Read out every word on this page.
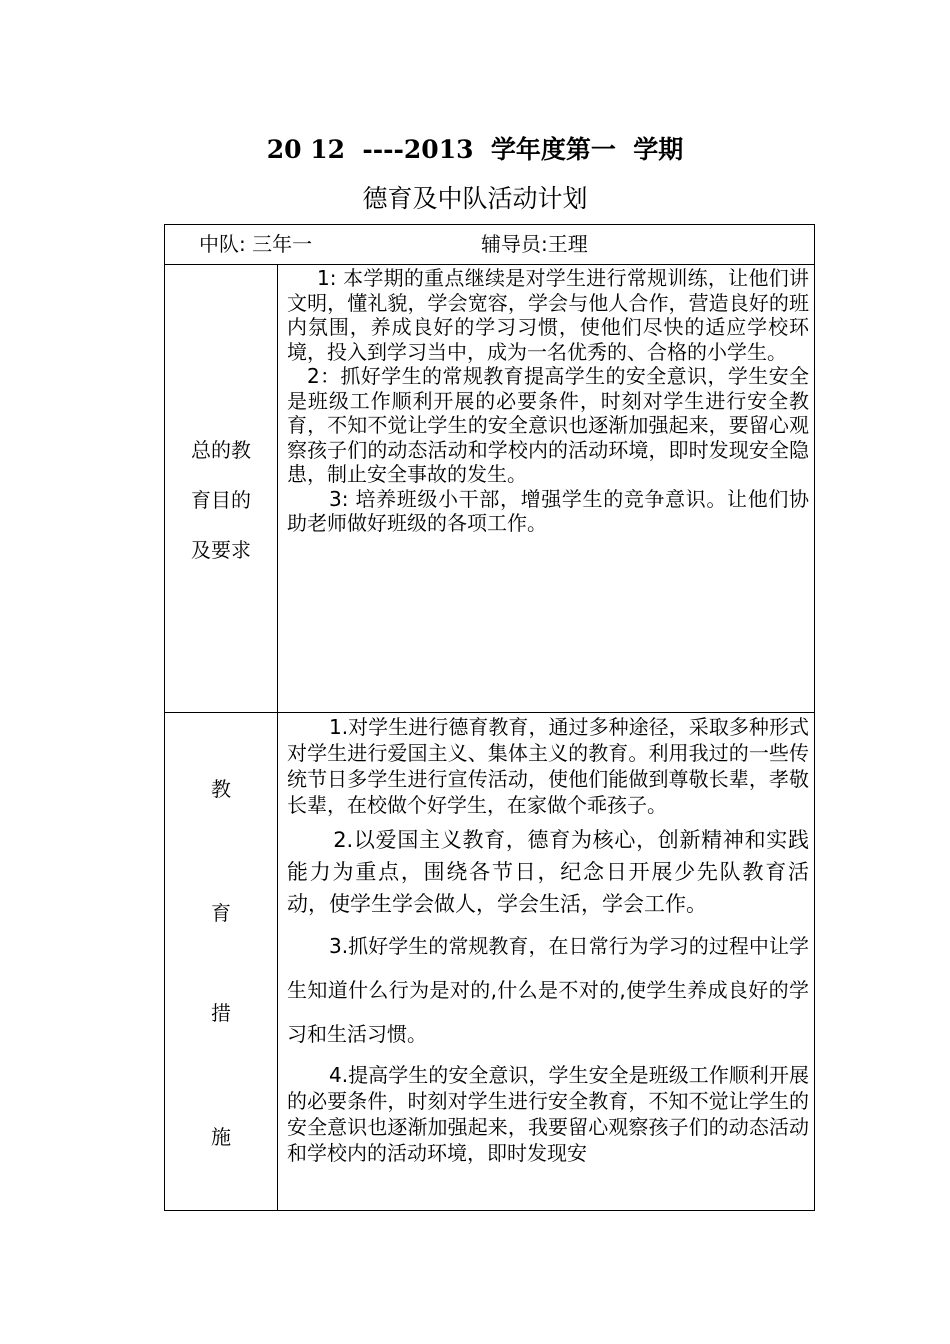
20 12  ----2013  学年度第一  学期
德育及中队活动计划
中队: 三年一	辅导员:王理
总的教
育目的
及要求

1: 本学期的重点继续是对学生进行常规训练，让他们讲文明，懂礼貌，学会宽容，学会与他人合作，营造良好的班内氛围，养成良好的学习习惯，使他们尽快的适应学校环境，投入到学习当中，成为一名优秀的、合格的小学生。

2：抓好学生的常规教育提高学生的安全意识，学生安全是班级工作顺利开展的必要条件，时刻对学生进行安全教育，不知不觉让学生的安全意识也逐渐加强起来，要留心观察孩子们的动态活动和学校内的活动环境，即时发现安全隐患，制止安全事故的发生。

3: 培养班级小干部，增强学生的竞争意识。让他们协助老师做好班级的各项工作。

教
育
措
施

1.对学生进行德育教育，通过多种途径，采取多种形式对学生进行爱国主义、集体主义的教育。利用我过的一些传统节日多学生进行宣传活动，使他们能做到尊敬长辈，孝敬长辈，在校做个好学生，在家做个乖孩子。

2.以爱国主义教育，德育为核心，创新精神和实践能力为重点，围绕各节日，纪念日开展少先队教育活动，使学生学会做人，学会生活，学会工作。

3.抓好学生的常规教育，在日常行为学习的过程中让学生知道什么行为是对的,什么是不对的,使学生养成良好的学习和生活习惯。

4.提高学生的安全意识，学生安全是班级工作顺利开展的必要条件，时刻对学生进行安全教育，不知不觉让学生的安全意识也逐渐加强起来，我要留心观察孩子们的动态活动和学校内的活动环境，即时发现安
